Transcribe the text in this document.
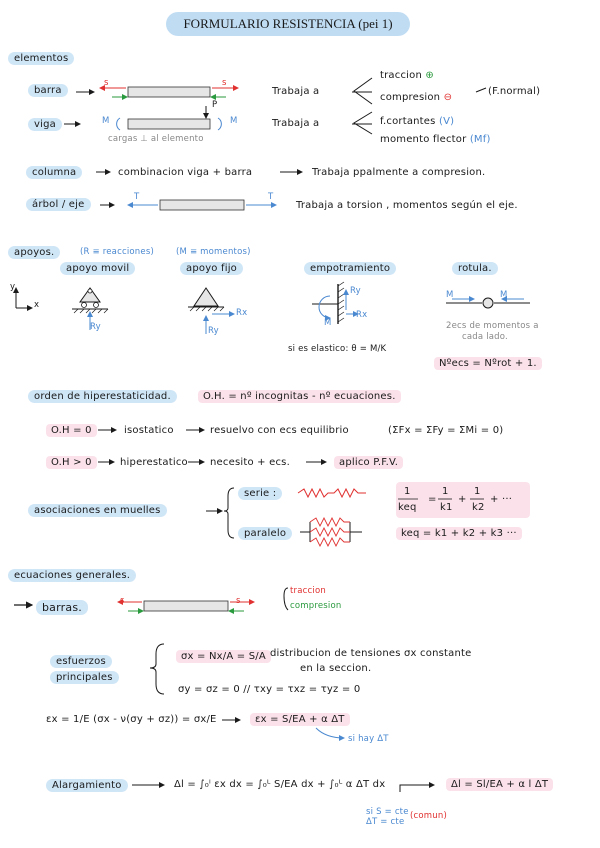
FORMULARIO RESISTENCIA (pei 1)
elementos
barra
s	s
Trabaja a
traccion ⊕
compresion ⊖
(F.normal)
viga	M	M
P
cargas ⊥ al elemento
Trabaja a	f.cortantes (V)
momento flector (Mf)
columna	combinacion viga + barra	Trabaja ppalmente a compresion.
árbol / eje
T	T
Trabaja a torsion , momentos según el eje.
apoyos.	(R ≡ reacciones)	(M ≡ momentos)
apoyo movil	apoyo fijo	empotramiento	rotula.
y
x
Ry
Rx
Ry
Ry
Rx
M
si es elastico: θ = M/K
M	M
2ecs de momentos a
cada lado.
Nºecs = Nºrot + 1.
orden de hiperestaticidad.	O.H. = nº incognitas - nº ecuaciones.
O.H = 0	isostatico	resuelvo con ecs equilibrio	(ΣFx = ΣFy = ΣMi = 0)
O.H > 0	hiperestatico necesito + ecs.	aplico P.F.V.
asociaciones en muelles
serie :
paralelo
1
keq
=
1
k1
+
1
k2
+ ···
keq = k1 + k2 + k3 ···
ecuaciones generales.
barras.	s	s
traccion
compresion
esfuerzos
principales
σx = Nx/A = S/A distribucion de tensiones σx constante
en la seccion.
σy = σz = 0 // τxy = τxz = τyz = 0
εx = 1/E (σx - ν(σy + σz)) = σx/E	εx = S/EA + α ΔT
si hay ΔT
Alargamiento	Δl = ∫₀ˡ εx dx = ∫₀ᴸ S/EA dx + ∫₀ᴸ α ΔT dx	Δl = Sl/EA + α l ΔT
si S = cte
ΔT = cte
(comun)
